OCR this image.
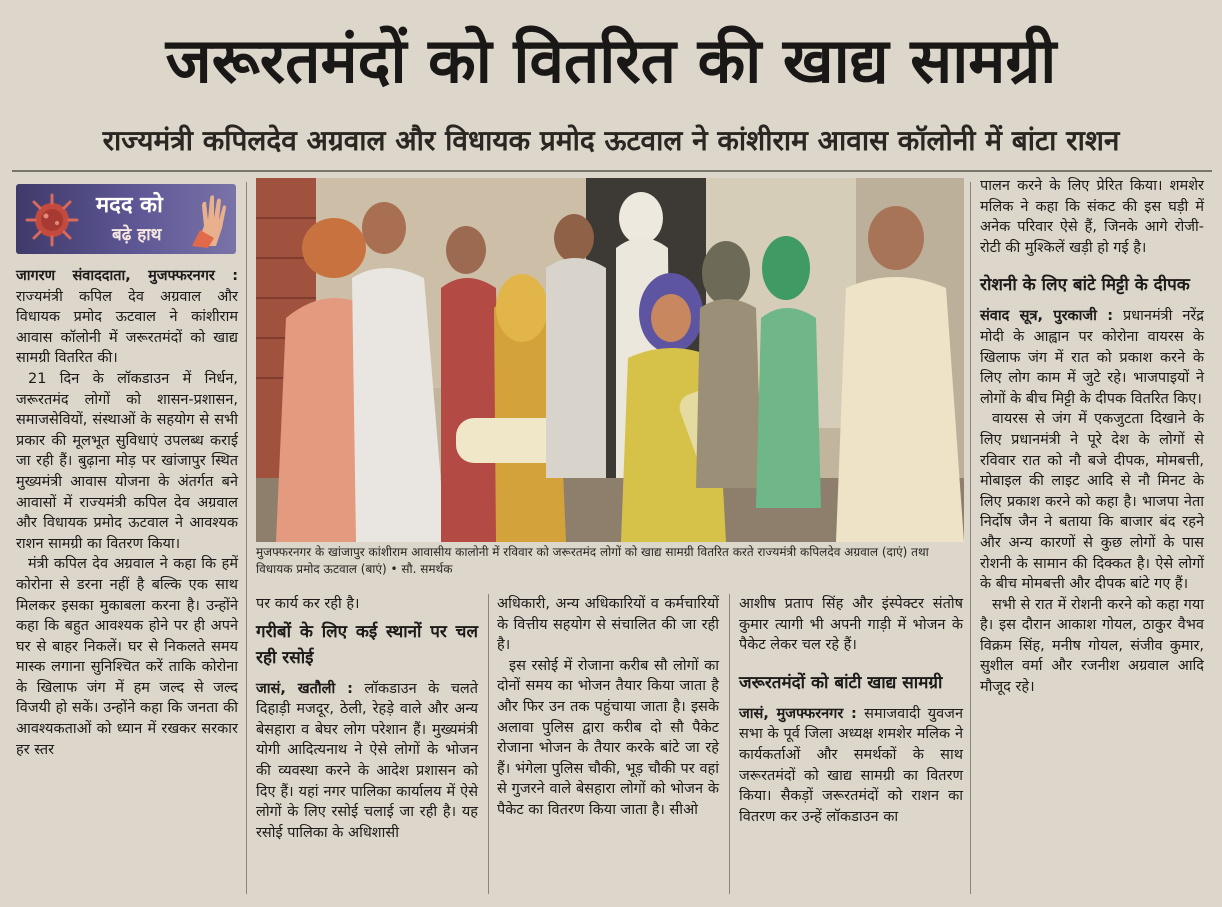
जरूरतमंदों को वितरित की खाद्य सामग्री
राज्यमंत्री कपिलदेव अग्रवाल और विधायक प्रमोद ऊटवाल ने कांशीराम आवास कॉलोनी में बांटा राशन
मदद को
बढ़े हाथ

जागरण संवाददाता, मुजफ्फरनगर : राज्यमंत्री कपिल देव अग्रवाल और विधायक प्रमोद ऊटवाल ने कांशीराम आवास कॉलोनी में जरूरतमंदों को खाद्य सामग्री वितरित की।

21 दिन के लॉकडाउन में निर्धन, जरूरतमंद लोगों को शासन-प्रशासन, समाजसेवियों, संस्थाओं के सहयोग से सभी प्रकार की मूलभूत सुविधाएं उपलब्ध कराई जा रही हैं। बुढ़ाना मोड़ पर खांजापुर स्थित मुख्यमंत्री आवास योजना के अंतर्गत बने आवासों में राज्यमंत्री कपिल देव अग्रवाल और विधायक प्रमोद ऊटवाल ने आवश्यक राशन सामग्री का वितरण किया।

मंत्री कपिल देव अग्रवाल ने कहा कि हमें कोरोना से डरना नहीं है बल्कि एक साथ मिलकर इसका मुकाबला करना है। उन्होंने कहा कि बहुत आवश्यक होने पर ही अपने घर से बाहर निकलें। घर से निकलते समय मास्क लगाना सुनिश्चित करें ताकि कोरोना के खिलाफ जंग में हम जल्द से जल्द विजयी हो सकें। उन्होंने कहा कि जनता की आवश्यकताओं को ध्यान में रखकर सरकार हर स्तर

मुजफ्फरनगर के खांजापुर कांशीराम आवासीय कालोनी में रविवार को जरूरतमंद लोगों को खाद्य सामग्री वितरित करते राज्यमंत्री कपिलदेव अग्रवाल (दाएं) तथा विधायक प्रमोद ऊटवाल (बाएं) • सौ. समर्थक

पर कार्य कर रही है।

गरीबों के लिए कई स्थानों पर चल रही रसोई

जासं, खतौली : लॉकडाउन के चलते दिहाड़ी मजदूर, ठेली, रेहड़े वाले और अन्य बेसहारा व बेघर लोग परेशान हैं। मुख्यमंत्री योगी आदित्यनाथ ने ऐसे लोगों के भोजन की व्यवस्था करने के आदेश प्रशासन को दिए हैं। यहां नगर पालिका कार्यालय में ऐसे लोगों के लिए रसोई चलाई जा रही है। यह रसोई पालिका के अधिशासी

अधिकारी, अन्य अधिकारियों व कर्मचारियों के वित्तीय सहयोग से संचालित की जा रही है।

इस रसोई में रोजाना करीब सौ लोगों का दोनों समय का भोजन तैयार किया जाता है और फिर उन तक पहुंचाया जाता है। इसके अलावा पुलिस द्वारा करीब दो सौ पैकेट रोजाना भोजन के तैयार करके बांटे जा रहे हैं। भंगेला पुलिस चौकी, भूड़ चौकी पर वहां से गुजरने वाले बेसहारा लोगों को भोजन के पैकेट का वितरण किया जाता है। सीओ

आशीष प्रताप सिंह और इंस्पेक्टर संतोष कुमार त्यागी भी अपनी गाड़ी में भोजन के पैकेट लेकर चल रहे हैं।

जरूरतमंदों को बांटी खाद्य सामग्री

जासं, मुजफ्फरनगर : समाजवादी युवजन सभा के पूर्व जिला अध्यक्ष शमशेर मलिक ने कार्यकर्ताओं और समर्थकों के साथ जरूरतमंदों को खाद्य सामग्री का वितरण किया। सैकड़ों जरूरतमंदों को राशन का वितरण कर उन्हें लॉकडाउन का

पालन करने के लिए प्रेरित किया। शमशेर मलिक ने कहा कि संकट की इस घड़ी में अनेक परिवार ऐसे हैं, जिनके आगे रोजी-रोटी की मुश्किलें खड़ी हो गई है।

रोशनी के लिए बांटे मिट्टी के दीपक

संवाद सूत्र, पुरकाजी : प्रधानमंत्री नरेंद्र मोदी के आह्वान पर कोरोना वायरस के खिलाफ जंग में रात को प्रकाश करने के लिए लोग काम में जुटे रहे। भाजपाइयों ने लोगों के बीच मिट्टी के दीपक वितरित किए।

वायरस से जंग में एकजुटता दिखाने के लिए प्रधानमंत्री ने पूरे देश के लोगों से रविवार रात को नौ बजे दीपक, मोमबत्ती, मोबाइल की लाइट आदि से नौ मिनट के लिए प्रकाश करने को कहा है। भाजपा नेता निर्दोष जैन ने बताया कि बाजार बंद रहने और अन्य कारणों से कुछ लोगों के पास रोशनी के सामान की दिक्कत है। ऐसे लोगों के बीच मोमबत्ती और दीपक बांटे गए हैं।

सभी से रात में रोशनी करने को कहा गया है। इस दौरान आकाश गोयल, ठाकुर वैभव विक्रम सिंह, मनीष गोयल, संजीव कुमार, सुशील वर्मा और रजनीश अग्रवाल आदि मौजूद रहे।
